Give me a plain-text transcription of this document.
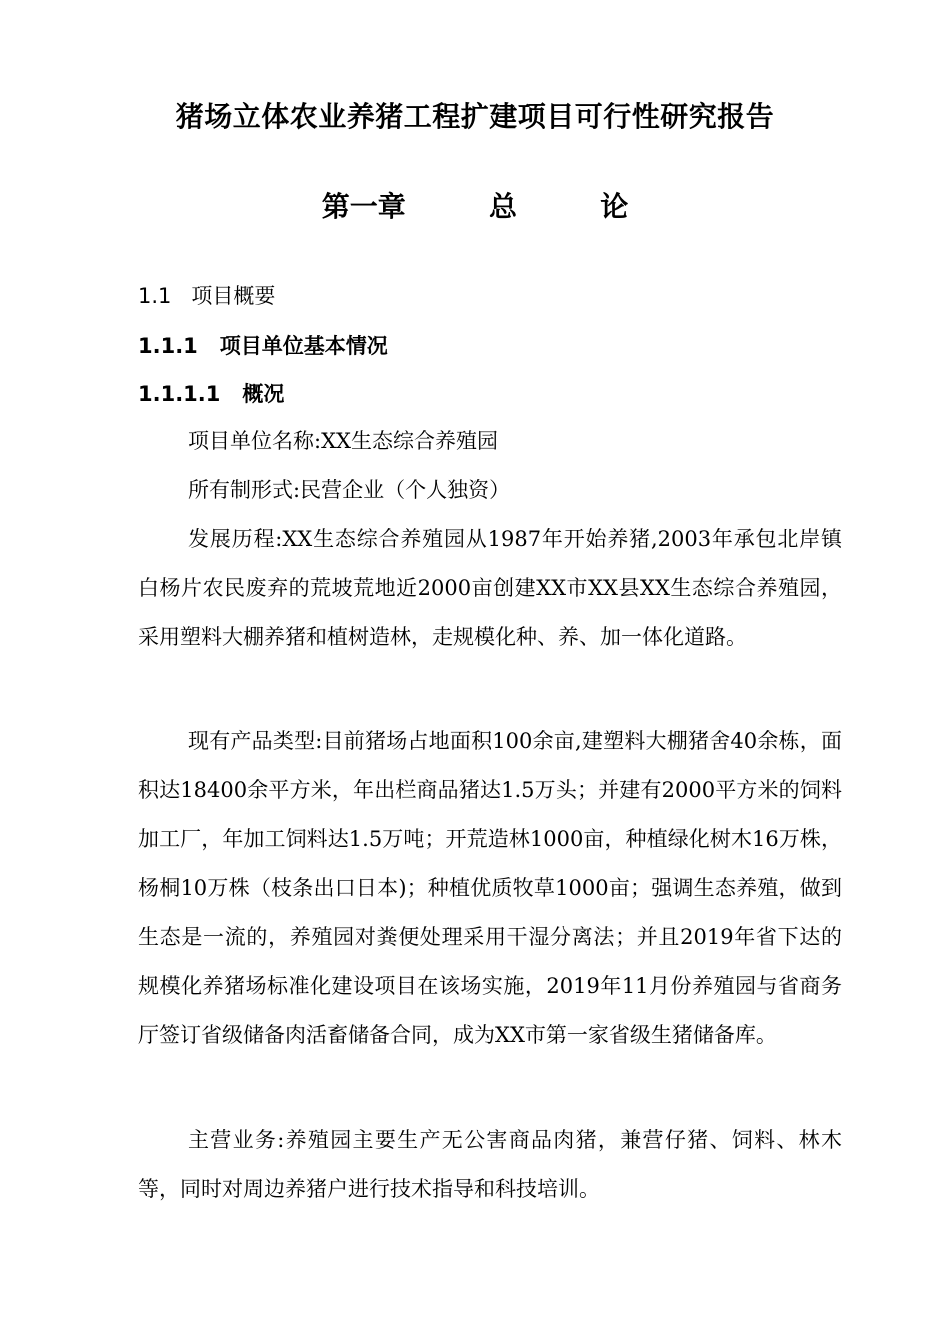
猪场立体农业养猪工程扩建项目可行性研究报告
第一章   总   论
1.1   项目概要
1.1.1   项目单位基本情况
1.1.1.1   概况
项目单位名称:XX生态综合养殖园
所有制形式:民营企业（个人独资）
发展历程:XX生态综合养殖园从1987年开始养猪,2003年承包北岸镇白杨片农民废弃的荒坡荒地近2000亩创建XX市XX县XX生态综合养殖园，采用塑料大棚养猪和植树造林，走规模化种、养、加一体化道路。
现有产品类型:目前猪场占地面积100余亩,建塑料大棚猪舍40余栋，面积达18400余平方米，年出栏商品猪达1.5万头；并建有2000平方米的饲料加工厂，年加工饲料达1.5万吨；开荒造林1000亩，种植绿化树木16万株，杨桐10万株（枝条出口日本)；种植优质牧草1000亩；强调生态养殖，做到生态是一流的，养殖园对粪便处理采用干湿分离法；并且2019年省下达的规模化养猪场标准化建设项目在该场实施，2019年11月份养殖园与省商务厅签订省级储备肉活畜储备合同，成为XX市第一家省级生猪储备库。
主营业务:养殖园主要生产无公害商品肉猪，兼营仔猪、饲料、林木等，同时对周边养猪户进行技术指导和科技培训。
